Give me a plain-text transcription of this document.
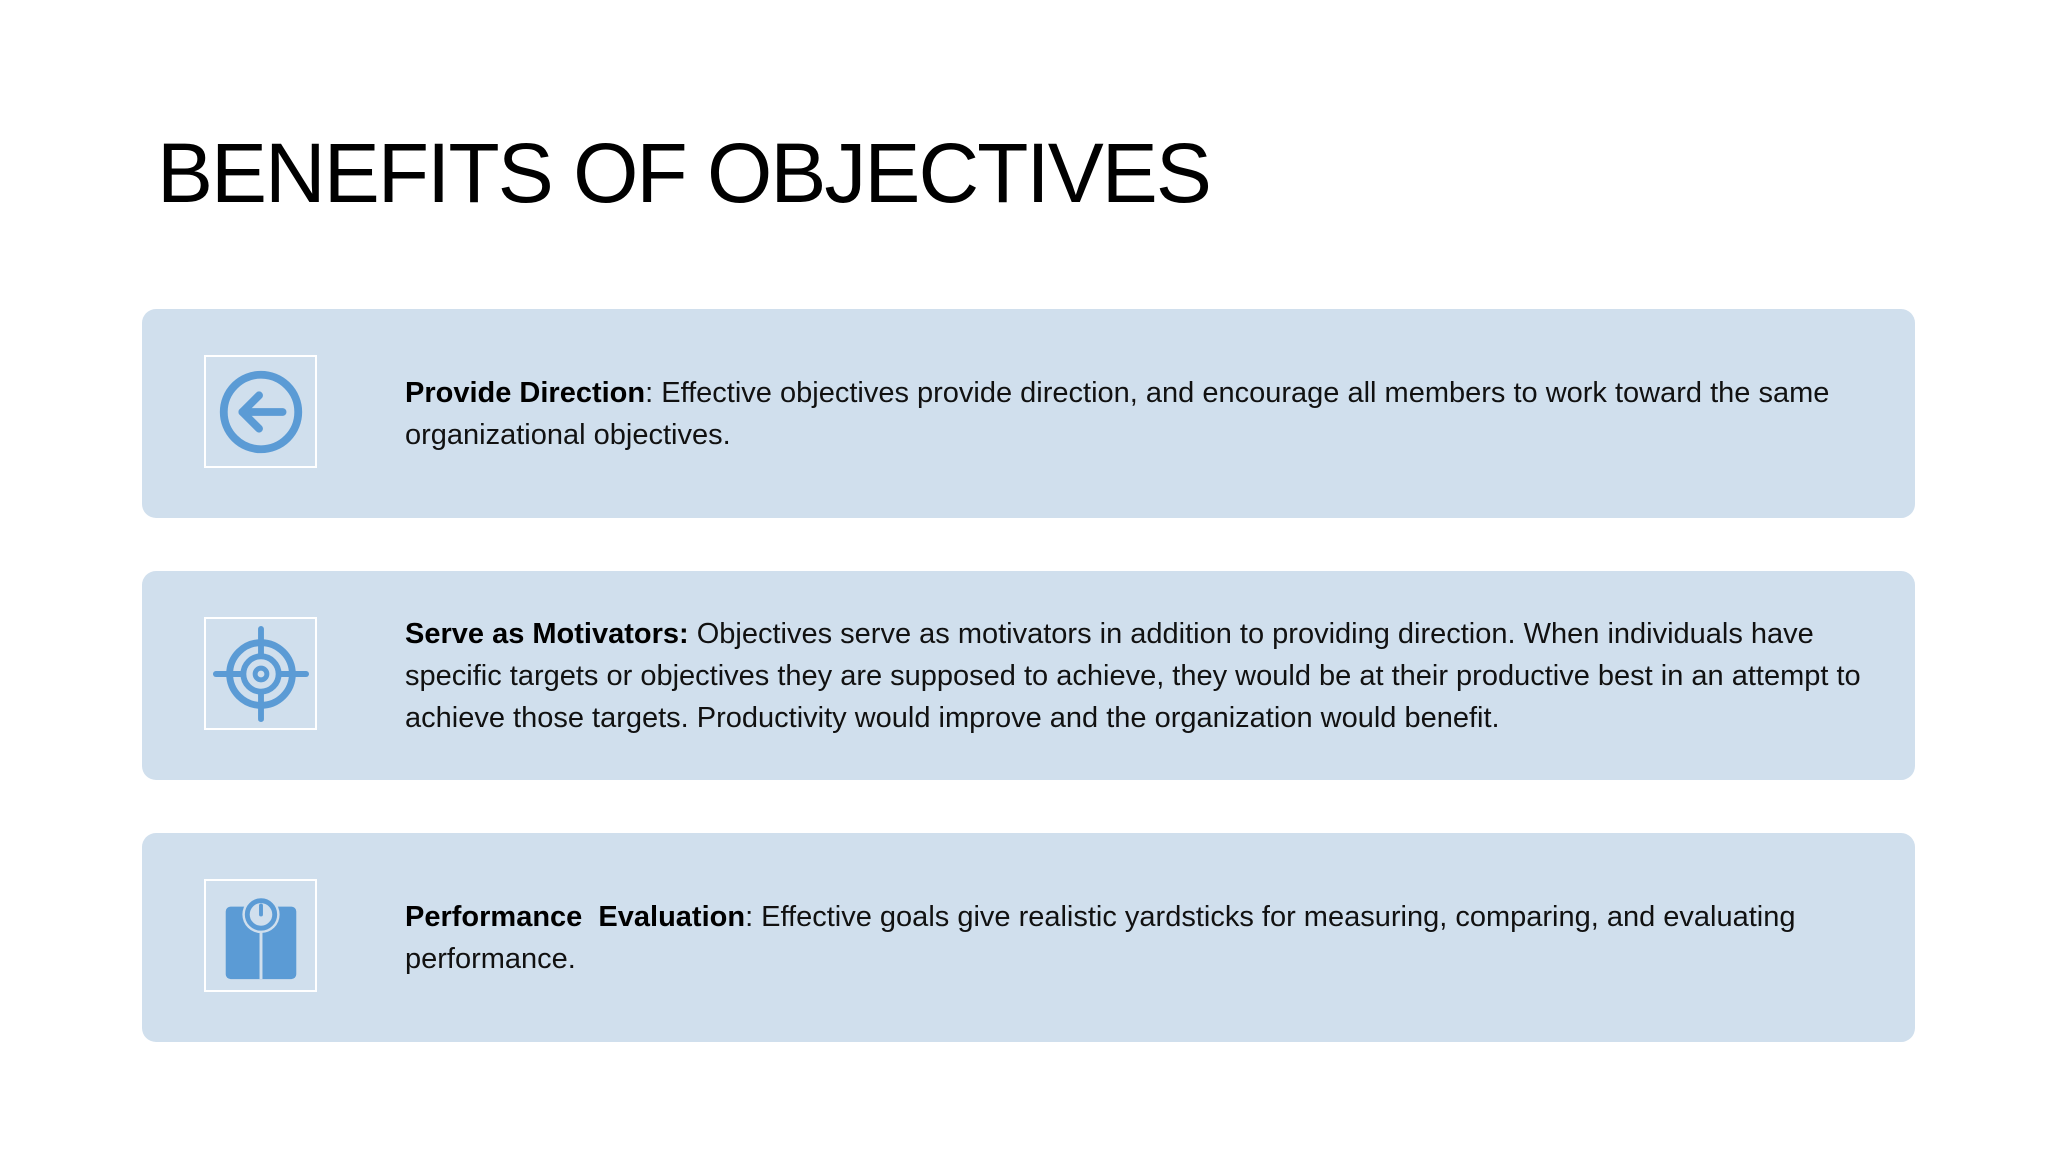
BENEFITS OF OBJECTIVES

Provide Direction: Effective objectives provide direction, and encourage all members to work toward the same organizational objectives.

Serve as Motivators: Objectives serve as motivators in addition to providing direction. When individuals have specific targets or objectives they are supposed to achieve, they would be at their productive best in an attempt to achieve those targets. Productivity would improve and the organization would benefit.

Performance  Evaluation: Effective goals give realistic yardsticks for measuring, comparing, and evaluating performance.
